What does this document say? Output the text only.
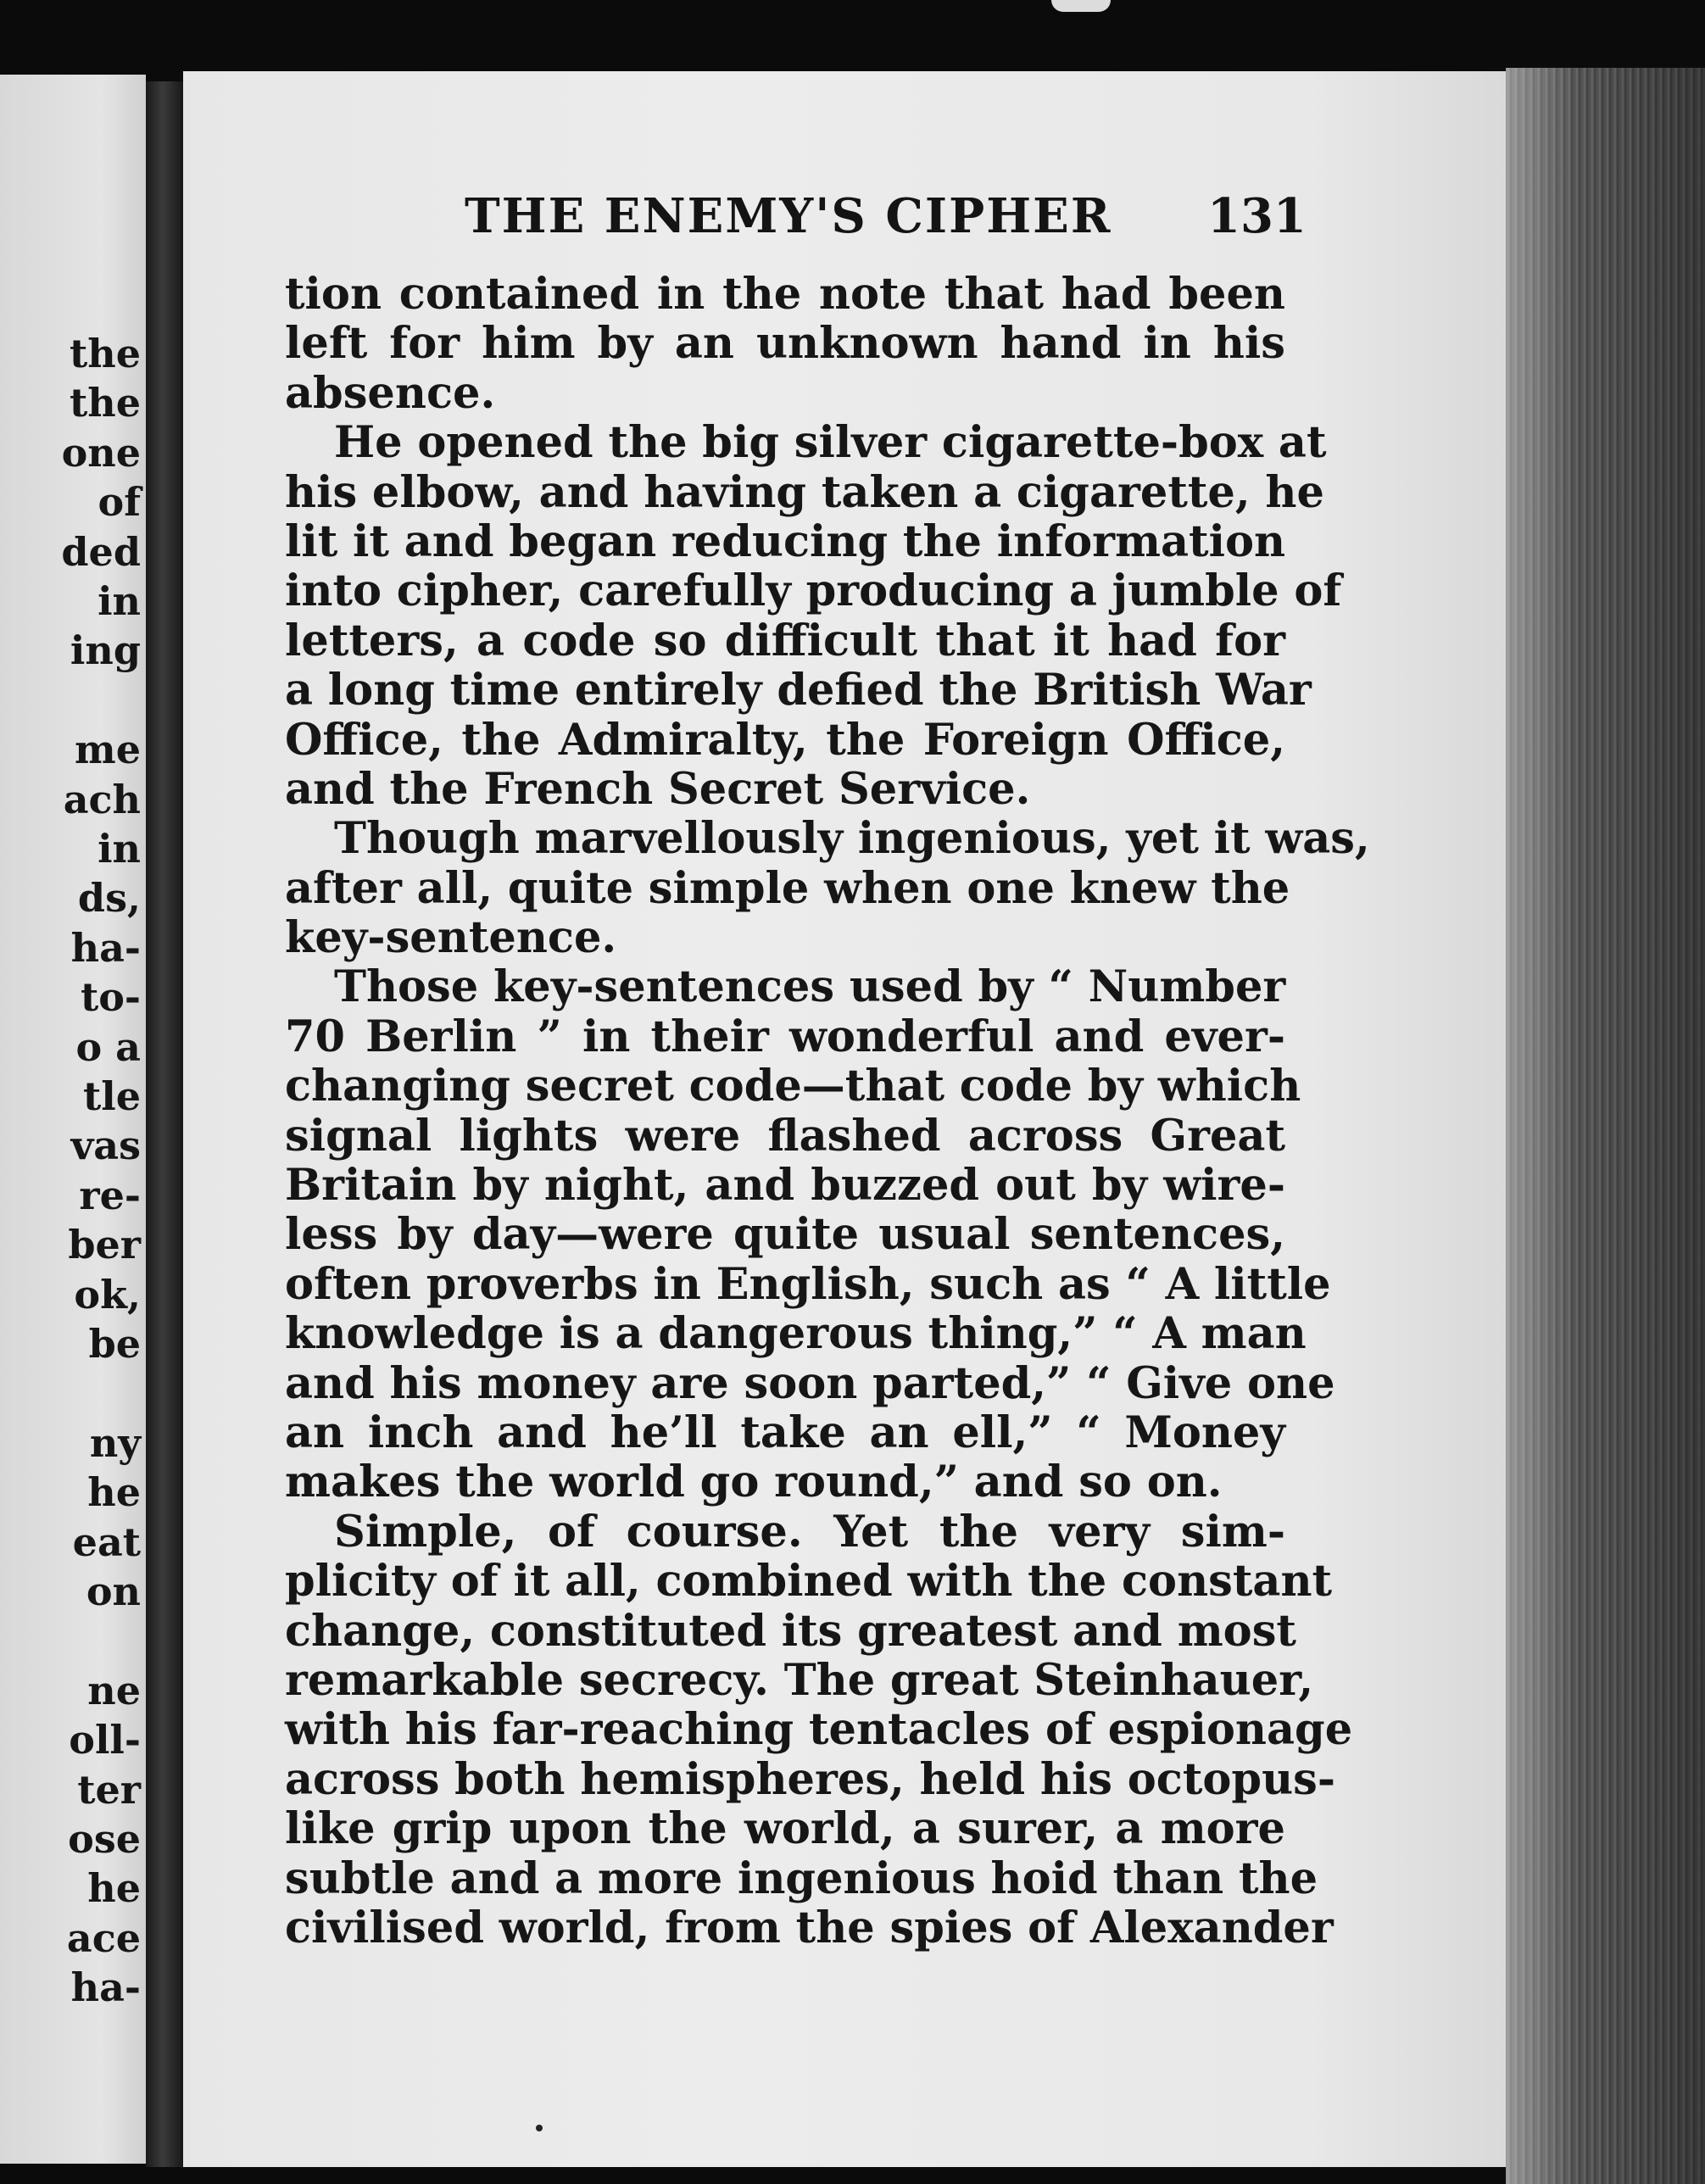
the
the
one
of
ded
in
ing
me
ach
in
ds,
ha-
to-
o a
tle
vas
re-
ber
ok,
be
ny
he
eat
on
ne
oll-
ter
ose
he
ace
ha-
THE ENEMY'S CIPHER 131
tion contained in the note that had been
left for him by an unknown hand in his
absence.
He opened the big silver cigarette-box at
his elbow, and having taken a cigarette, he
lit it and began reducing the information
into cipher, carefully producing a jumble of
letters, a code so difficult that it had for
a long time entirely defied the British War
Office, the Admiralty, the Foreign Office,
and the French Secret Service.
Though marvellously ingenious, yet it was,
after all, quite simple when one knew the
key-sentence.
Those key-sentences used by “ Number
70 Berlin ” in their wonderful and ever-
changing secret code—that code by which
signal lights were flashed across Great
Britain by night, and buzzed out by wire-
less by day—were quite usual sentences,
often proverbs in English, such as “ A little
knowledge is a dangerous thing,” “ A man
and his money are soon parted,” “ Give one
an inch and he’ll take an ell,” “ Money
makes the world go round,” and so on.
Simple, of course. Yet the very sim-
plicity of it all, combined with the constant
change, constituted its greatest and most
remarkable secrecy. The great Steinhauer,
with his far-reaching tentacles of espionage
across both hemispheres, held his octopus-
like grip upon the world, a surer, a more
subtle and a more ingenious hoid than the
civilised world, from the spies of Alexander
